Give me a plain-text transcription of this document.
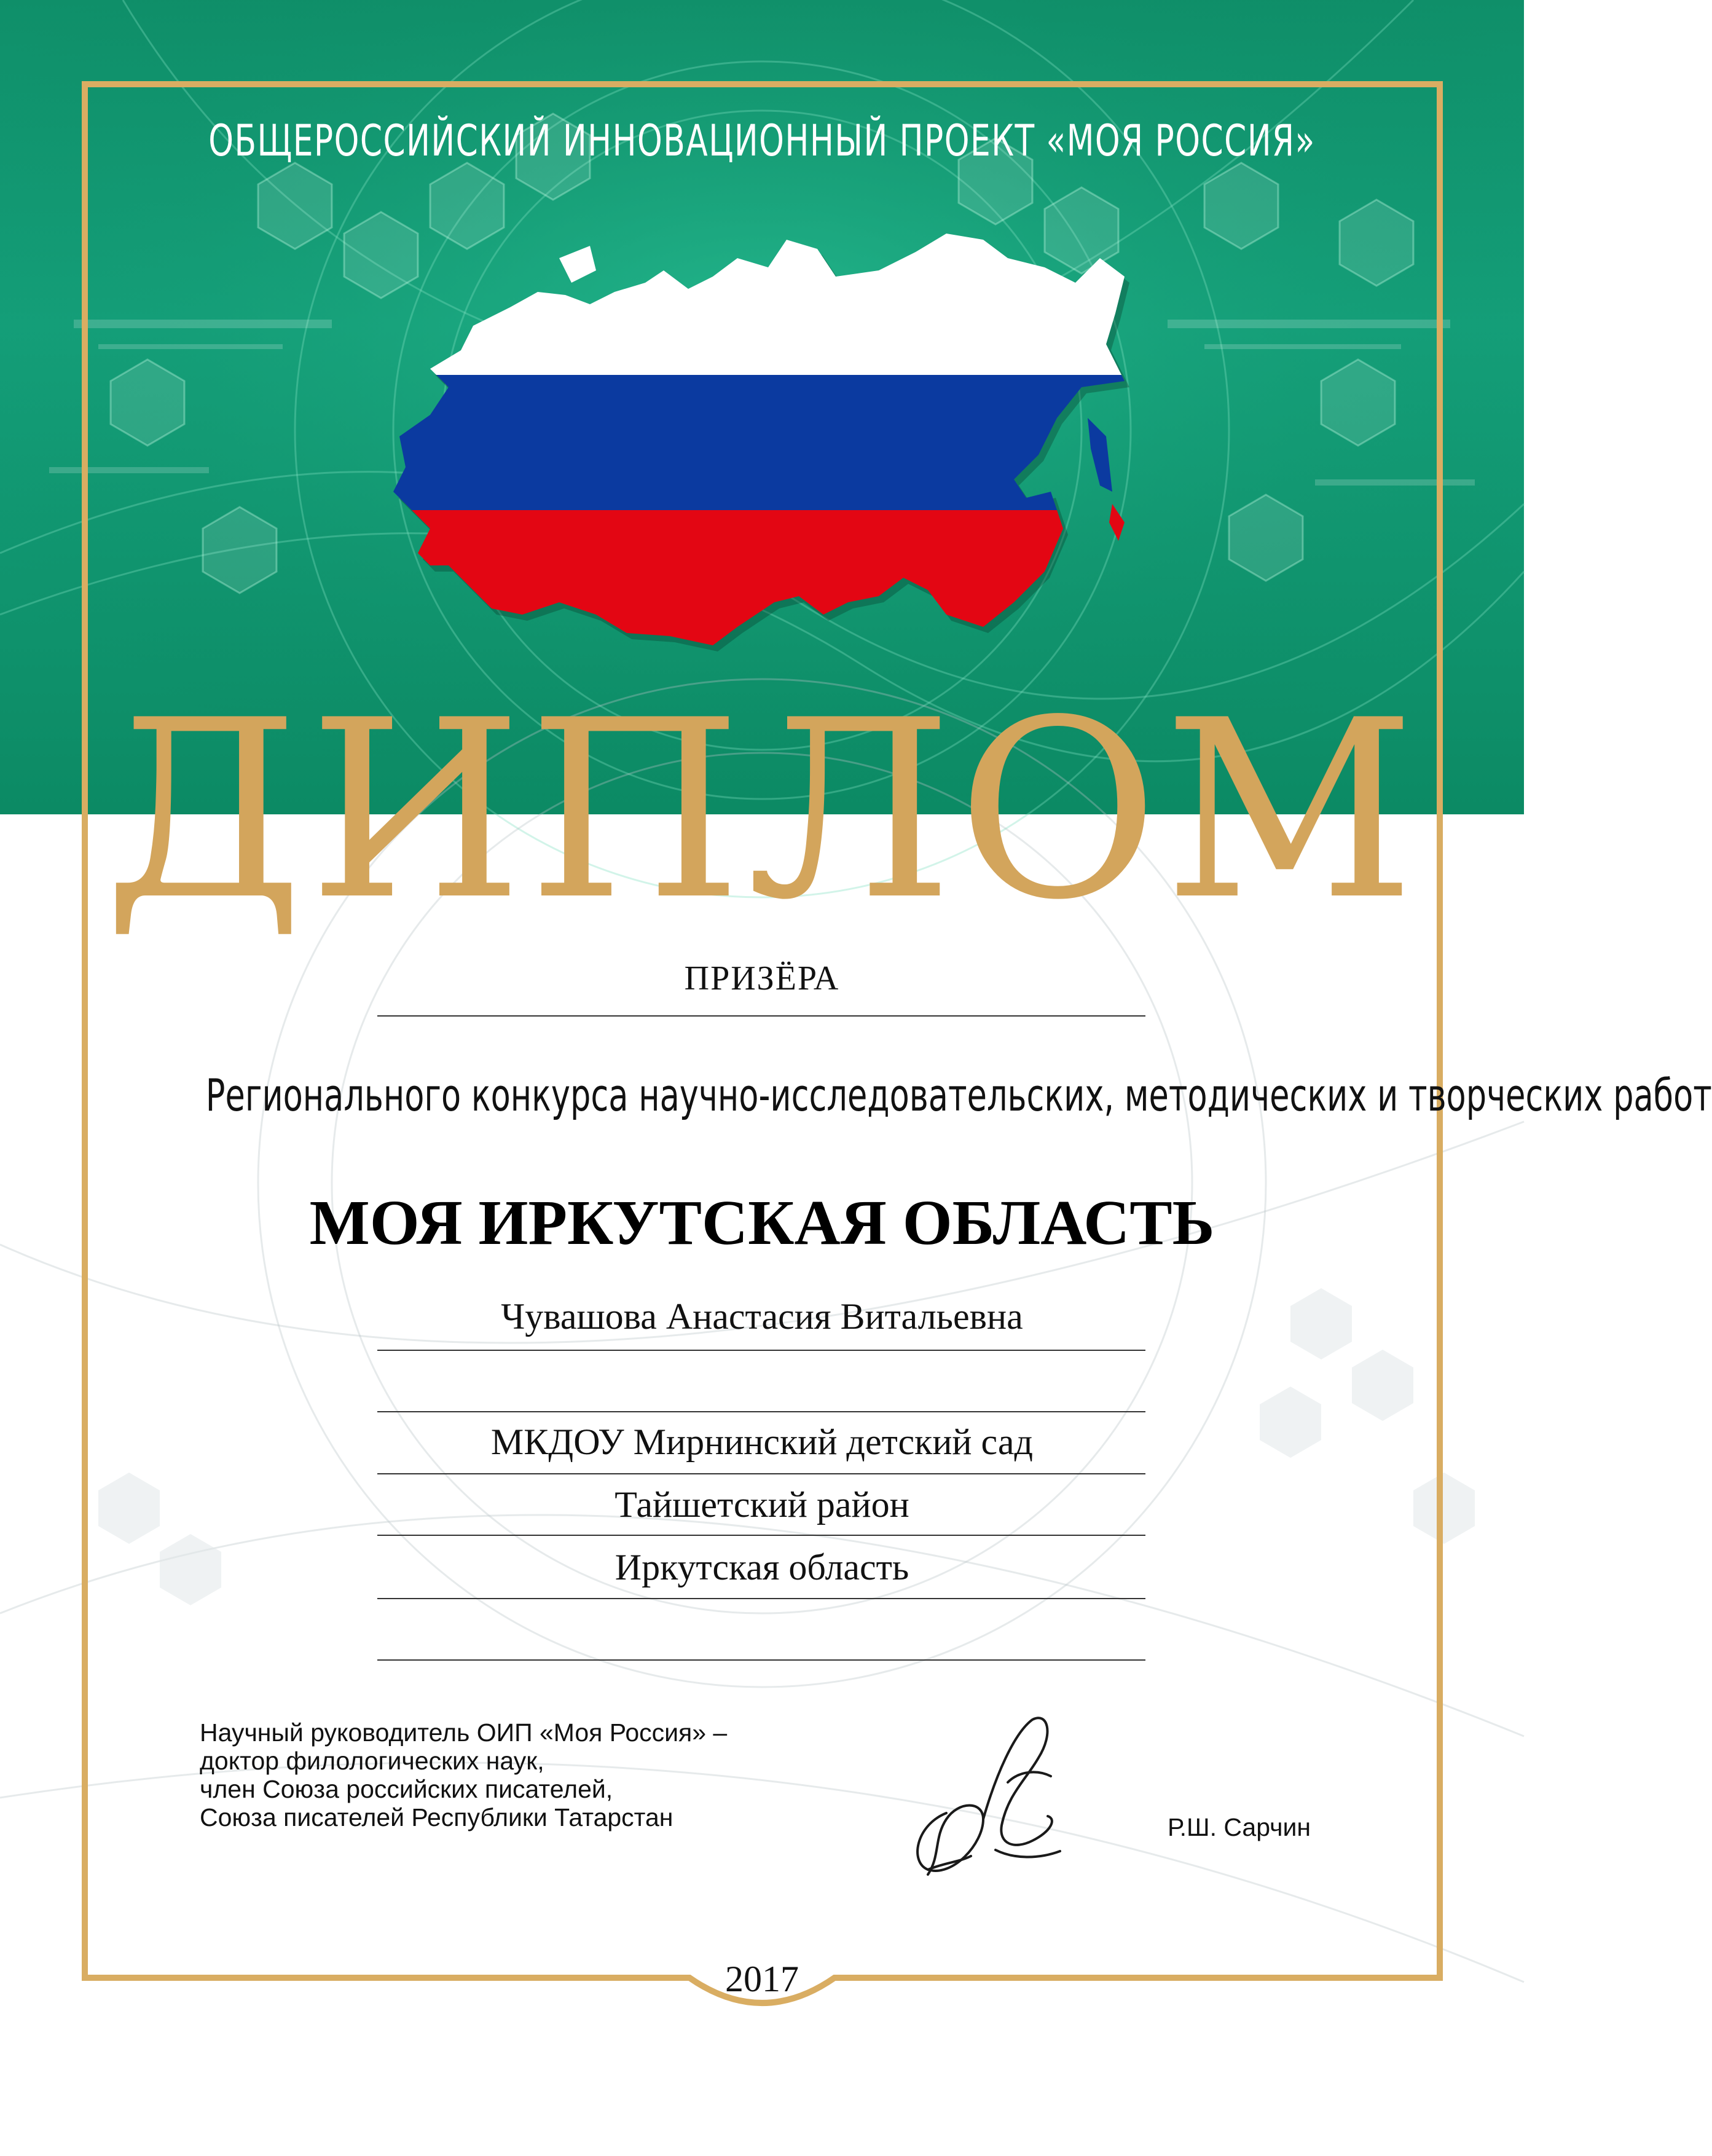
ОБЩЕРОССИЙСКИЙ ИННОВАЦИОННЫЙ ПРОЕКТ «МОЯ РОССИЯ»
ДИПЛОМ
ПРИЗЁРА
Регионального конкурса научно-исследовательских, методических и творческих работ
МОЯ ИРКУТСКАЯ ОБЛАСТЬ
Чувашова Анастасия Витальевна
МКДОУ Мирнинский детский сад
Тайшетский район
Иркутская область
Научный руководитель ОИП «Моя Россия» –
доктор филологических наук,
член Союза российских писателей,
Союза писателей Республики Татарстан	Р.Ш. Сарчин
2017
